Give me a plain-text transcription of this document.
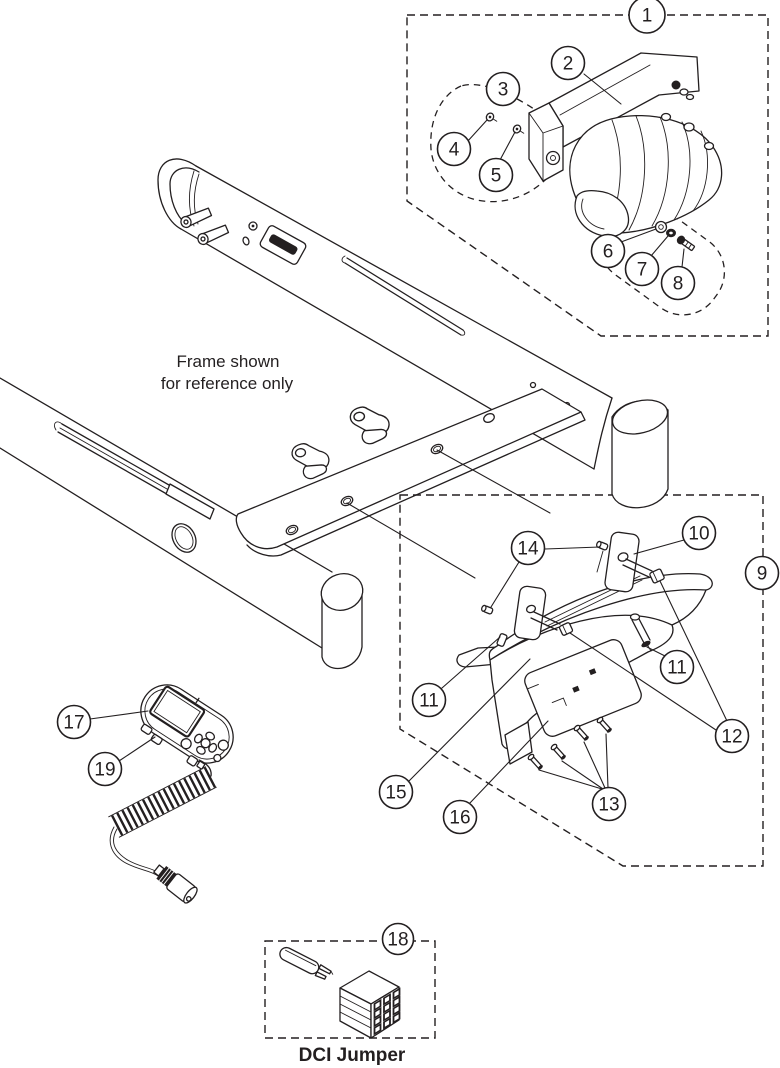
1
2
3
4
5
6
7
8
9
10
11
11
12
13
14
15
16
17
18
19
Frame shown
for reference only
DCI Jumper
